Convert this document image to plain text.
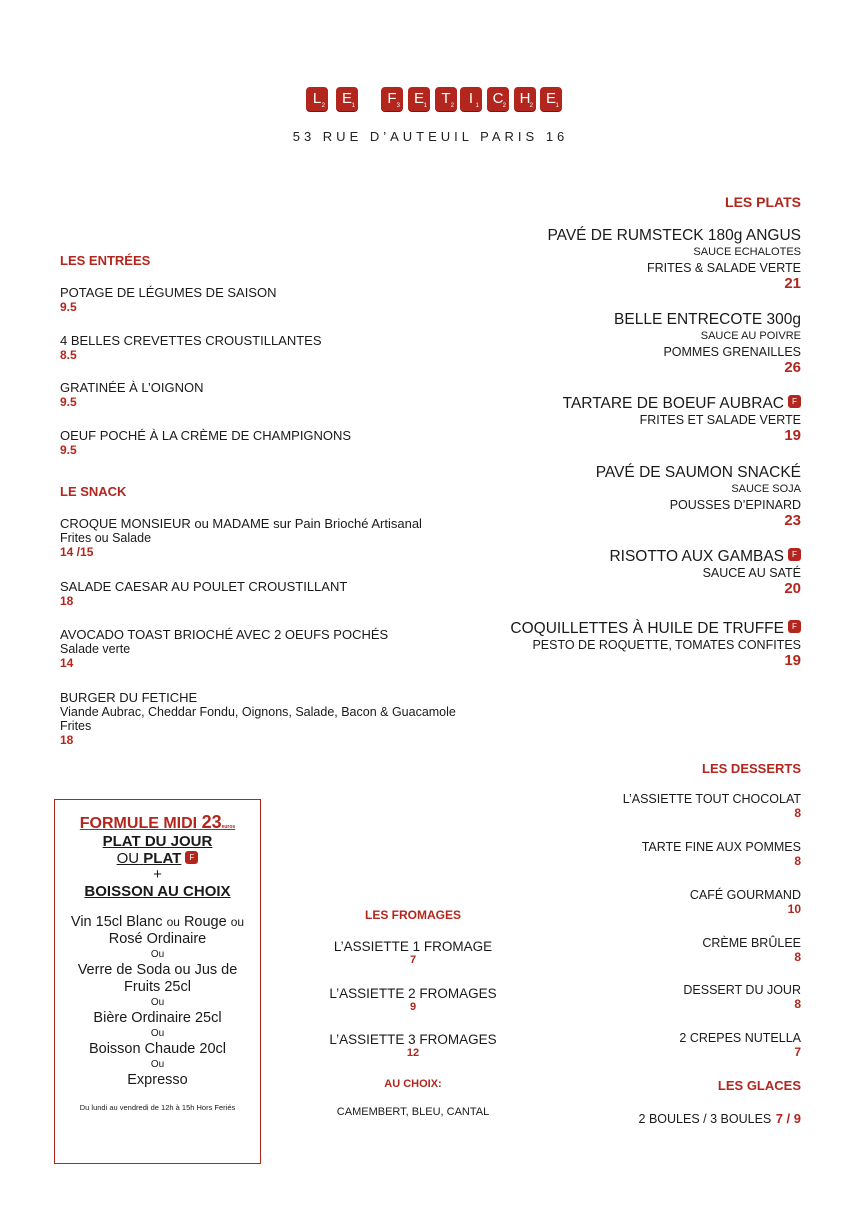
L 2	E 1	F 3 E 1 T 2 I 1 C 2 H 2 E 1
53 RUE D’AUTEUIL PARIS 16
LES ENTRÉES
POTAGE DE LÉGUMES DE SAISON
9.5
4 BELLES CREVETTES CROUSTILLANTES
8.5
GRATINÉE À L’OIGNON
9.5
OEUF POCHÉ À LA CRÈME DE CHAMPIGNONS
9.5
LE SNACK
CROQUE MONSIEUR ou MADAME sur Pain Brioché Artisanal
Frites ou Salade
14 /15
SALADE CAESAR AU POULET CROUSTILLANT
18
AVOCADO TOAST BRIOCHÉ AVEC 2 OEUFS POCHÉS
Salade verte
14
BURGER DU FETICHE
Viande Aubrac, Cheddar Fondu, Oignons, Salade, Bacon & Guacamole
Frites
18
LES PLATS
PAVÉ DE RUMSTECK 180g ANGUS
SAUCE ECHALOTES
FRITES & SALADE VERTE
21
BELLE ENTRECOTE 300g
SAUCE AU POIVRE
POMMES GRENAILLES
26
TARTARE DE BOEUF AUBRAC F
FRITES ET SALADE VERTE
19
PAVÉ DE SAUMON SNACKÉ
SAUCE SOJA
POUSSES D’EPINARD
23
RISOTTO AUX GAMBAS F
SAUCE AU SATÉ
20
COQUILLETTES À HUILE DE TRUFFE F
PESTO DE ROQUETTE, TOMATES CONFITES
19
LES DESSERTS
L’ASSIETTE TOUT CHOCOLAT
8
TARTE FINE AUX POMMES
8
CAFÉ GOURMAND
10
CRÈME BRÛLEE
8
DESSERT DU JOUR
8
2 CREPES NUTELLA
7
LES GLACES
2 BOULES / 3 BOULES 7 / 9
LES FROMAGES
L’ASSIETTE 1 FROMAGE
7
L’ASSIETTE 2 FROMAGES
9
L’ASSIETTE 3 FROMAGES
12
AU CHOIX:
CAMEMBERT, BLEU, CANTAL
FORMULE MIDI 23euros
PLAT DU JOUR
OU PLAT F
+
BOISSON AU CHOIX
Vin 15cl Blanc ou Rouge ou
Rosé Ordinaire
Ou
Verre de Soda ou Jus de Fruits 25cl
Ou
Bière Ordinaire 25cl
Ou
Boisson Chaude 20cl
Ou
Expresso
Du lundi au vendredi de 12h à 15h Hors Feriés
